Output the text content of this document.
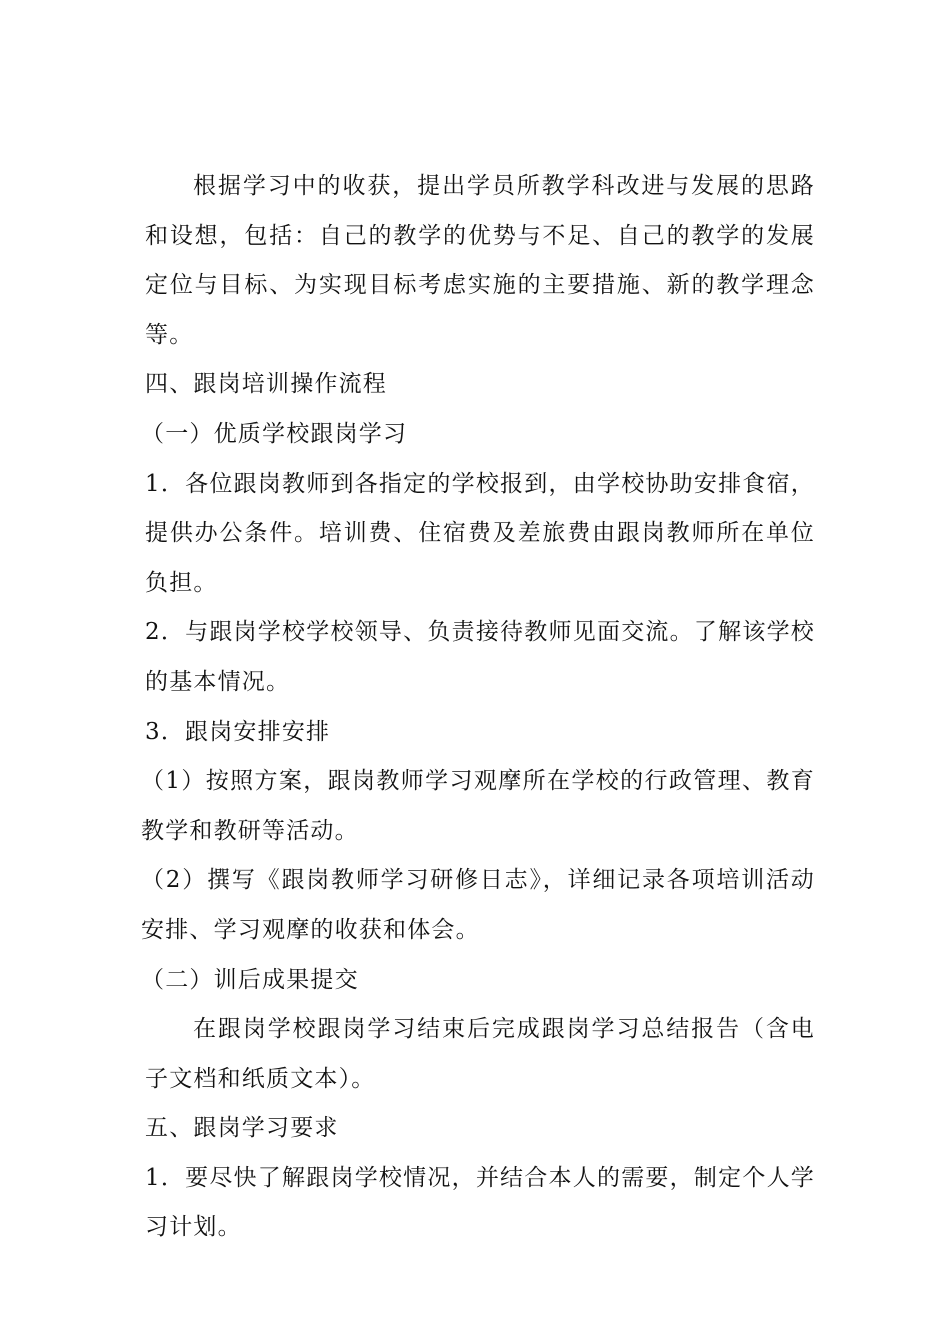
根据学习中的收获，提出学员所教学科改进与发展的思路和设想，包括：自己的教学的优势与不足、自己的教学的发展定位与目标、为实现目标考虑实施的主要措施、新的教学理念等。

四、跟岗培训操作流程

（一）优质学校跟岗学习

1．各位跟岗教师到各指定的学校报到，由学校协助安排食宿，提供办公条件。培训费、住宿费及差旅费由跟岗教师所在单位负担。

2．与跟岗学校学校领导、负责接待教师见面交流。了解该学校的基本情况。

3．跟岗安排安排

（1）按照方案，跟岗教师学习观摩所在学校的行政管理、教育教学和教研等活动。

（2）撰写《跟岗教师学习研修日志》，详细记录各项培训活动安排、学习观摩的收获和体会。

（二）训后成果提交

在跟岗学校跟岗学习结束后完成跟岗学习总结报告（含电子文档和纸质文本）。

五、跟岗学习要求

1．要尽快了解跟岗学校情况，并结合本人的需要，制定个人学习计划。
